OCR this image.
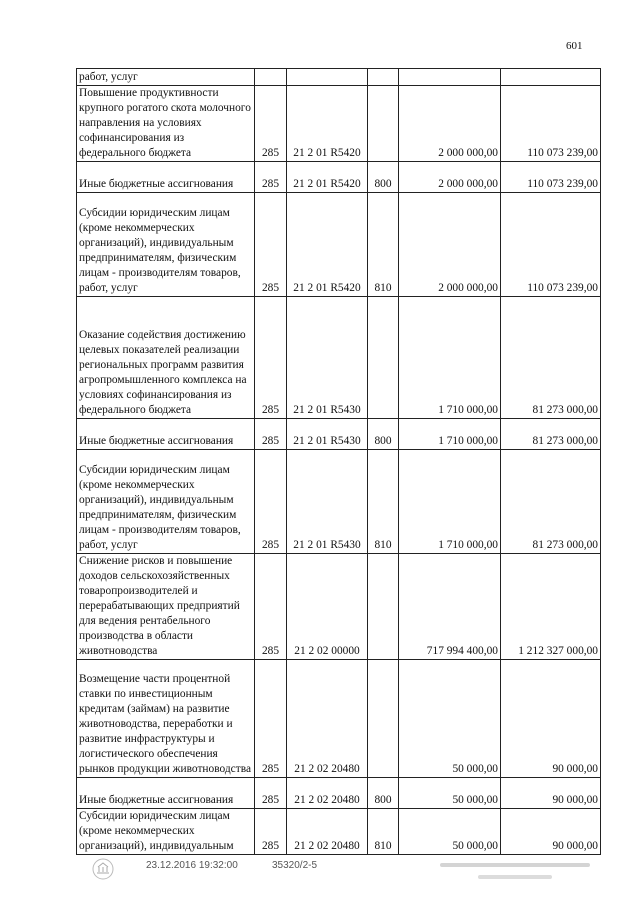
601
работ, услуг					
Повышение продуктивности крупного рогатого скота молочного направления на условиях софинансирования из федерального бюджета	285	21 2 01 R5420		2 000 000,00	110 073 239,00
Иные бюджетные ассигнования	285	21 2 01 R5420	800	2 000 000,00	110 073 239,00
Субсидии юридическим лицам (кроме некоммерческих организаций), индивидуальным предпринимателям, физическим лицам - производителям товаров, работ, услуг	285	21 2 01 R5420	810	2 000 000,00	110 073 239,00
Оказание содействия достижению целевых показателей реализации региональных программ развития агропромышленного комплекса на условиях софинансирования из федерального бюджета	285	21 2 01 R5430		1 710 000,00	81 273 000,00
Иные бюджетные ассигнования	285	21 2 01 R5430	800	1 710 000,00	81 273 000,00
Субсидии юридическим лицам (кроме некоммерческих организаций), индивидуальным предпринимателям, физическим лицам - производителям товаров, работ, услуг	285	21 2 01 R5430	810	1 710 000,00	81 273 000,00
Снижение рисков и повышение доходов сельскохозяйственных товаропроизводителей и перерабатывающих предприятий для ведения рентабельного производства в области животноводства	285	21 2 02 00000		717 994 400,00	1 212 327 000,00
Возмещение части процентной ставки по инвестиционным кредитам (займам) на развитие животноводства, переработки и развитие инфраструктуры и логистического обеспечения рынков продукции животноводства	285	21 2 02 20480		50 000,00	90 000,00
Иные бюджетные ассигнования	285	21 2 02 20480	800	50 000,00	90 000,00
Субсидии юридическим лицам (кроме некоммерческих организаций), индивидуальным	285	21 2 02 20480	810	50 000,00	90 000,00
23.12.2016 19:32:00	35320/2-5
